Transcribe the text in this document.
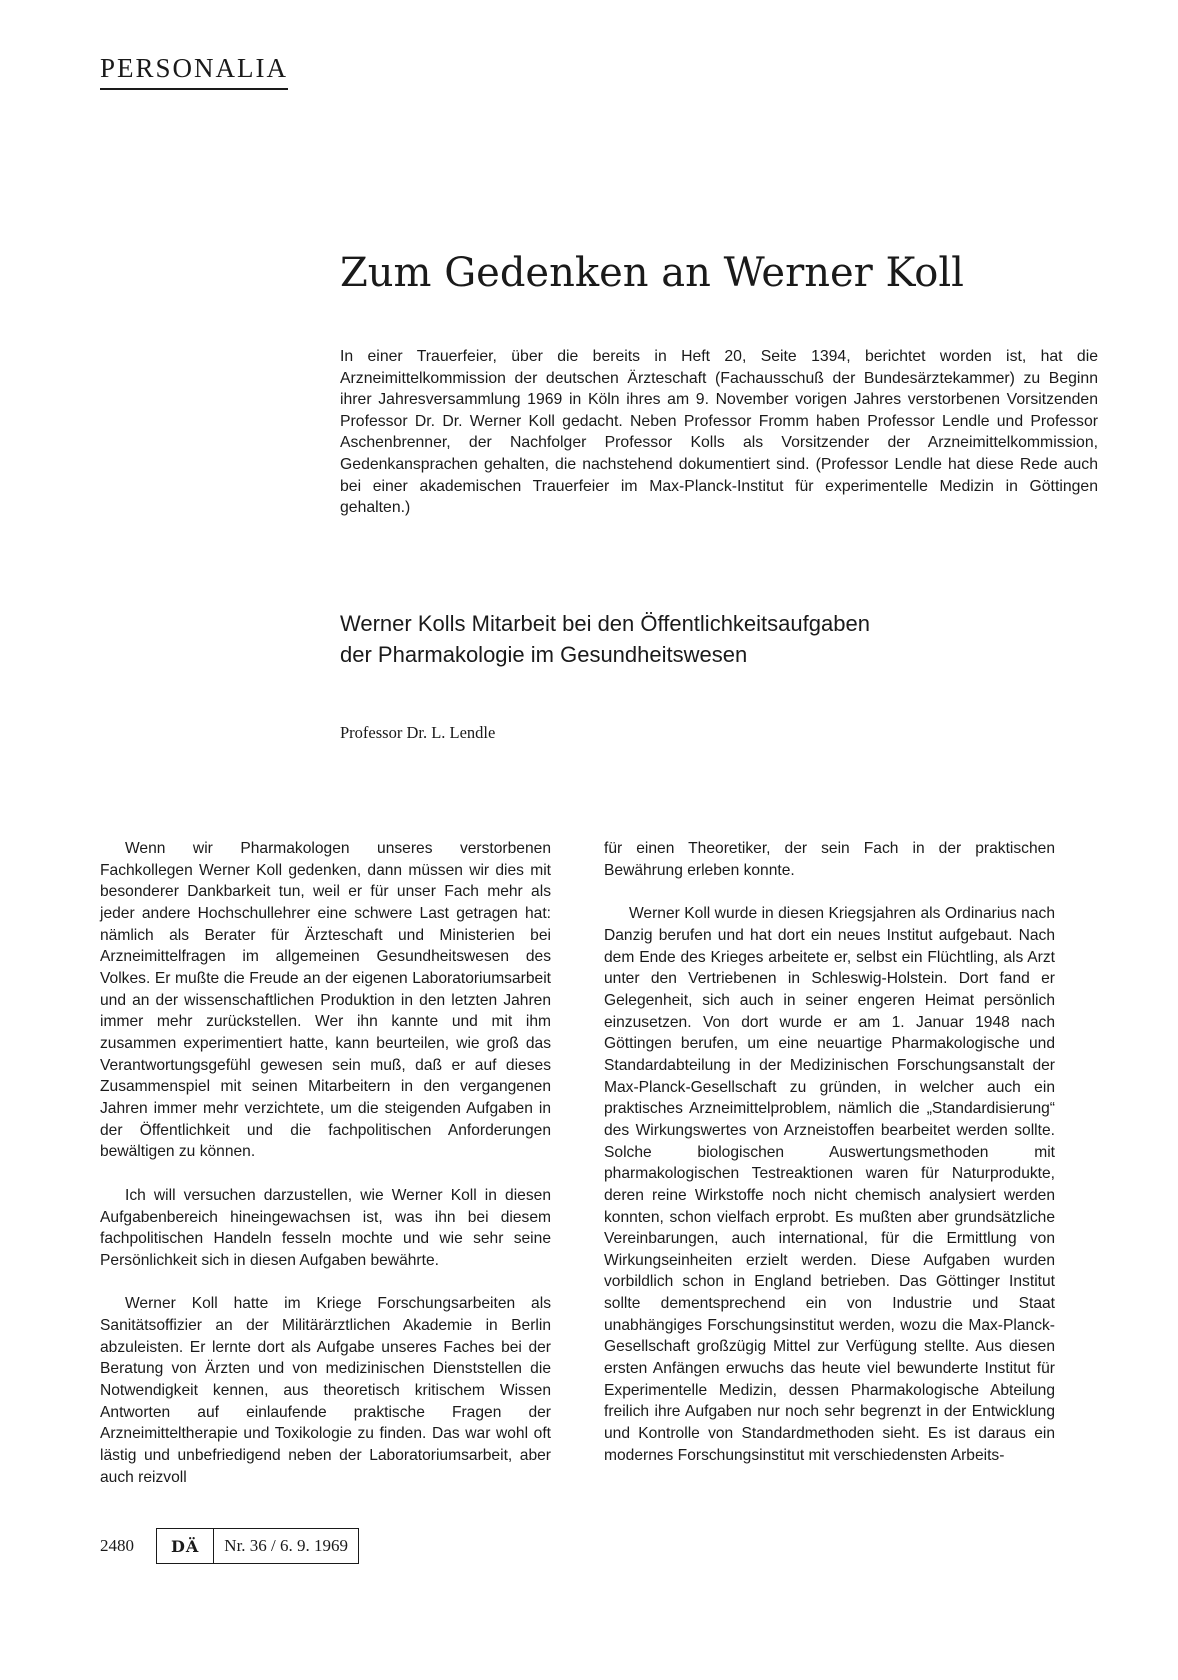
PERSONALIA
Zum Gedenken an Werner Koll

In einer Trauerfeier, über die bereits in Heft 20, Seite 1394, berichtet worden ist, hat die Arzneimittelkommission der deutschen Ärzteschaft (Fachausschuß der Bundesärztekammer) zu Beginn ihrer Jahresversammlung 1969 in Köln ihres am 9. November vorigen Jahres verstorbenen Vorsitzenden Professor Dr. Dr. Werner Koll gedacht. Neben Professor Fromm haben Professor Lendle und Professor Aschenbrenner, der Nachfolger Professor Kolls als Vorsitzender der Arzneimittelkommission, Gedenkansprachen gehalten, die nachstehend dokumentiert sind. (Professor Lendle hat diese Rede auch bei einer akademischen Trauerfeier im Max-Planck-Institut für experimentelle Medizin in Göttingen gehalten.)

Werner Kolls Mitarbeit bei den Öffentlichkeitsaufgaben
der Pharmakologie im Gesundheitswesen

Professor Dr. L. Lendle

Wenn wir Pharmakologen unseres verstorbenen Fachkollegen Werner Koll gedenken, dann müssen wir dies mit besonderer Dankbarkeit tun, weil er für unser Fach mehr als jeder andere Hochschullehrer eine schwere Last getragen hat: nämlich als Berater für Ärzteschaft und Ministerien bei Arzneimittelfragen im allgemeinen Gesundheitswesen des Volkes. Er mußte die Freude an der eigenen Laboratoriumsarbeit und an der wissenschaftlichen Produktion in den letzten Jahren immer mehr zurückstellen. Wer ihn kannte und mit ihm zusammen experimentiert hatte, kann beurteilen, wie groß das Verantwortungsgefühl gewesen sein muß, daß er auf dieses Zusammenspiel mit seinen Mitarbeitern in den vergangenen Jahren immer mehr verzichtete, um die steigenden Aufgaben in der Öffentlichkeit und die fachpolitischen Anforderungen bewältigen zu können.

Ich will versuchen darzustellen, wie Werner Koll in diesen Aufgabenbereich hineingewachsen ist, was ihn bei diesem fachpolitischen Handeln fesseln mochte und wie sehr seine Persönlichkeit sich in diesen Aufgaben bewährte.

Werner Koll hatte im Kriege Forschungsarbeiten als Sanitätsoffizier an der Militärärztlichen Akademie in Berlin abzuleisten. Er lernte dort als Aufgabe unseres Faches bei der Beratung von Ärzten und von medizinischen Dienststellen die Notwendigkeit kennen, aus theoretisch kritischem Wissen Antworten auf einlaufende praktische Fragen der Arzneimitteltherapie und Toxikologie zu finden. Das war wohl oft lästig und unbefriedigend neben der Laboratoriumsarbeit, aber auch reizvoll

für einen Theoretiker, der sein Fach in der praktischen Bewährung erleben konnte.

Werner Koll wurde in diesen Kriegsjahren als Ordinarius nach Danzig berufen und hat dort ein neues Institut aufgebaut. Nach dem Ende des Krieges arbeitete er, selbst ein Flüchtling, als Arzt unter den Vertriebenen in Schleswig-Holstein. Dort fand er Gelegenheit, sich auch in seiner engeren Heimat persönlich einzusetzen. Von dort wurde er am 1. Januar 1948 nach Göttingen berufen, um eine neuartige Pharmakologische und Standardabteilung in der Medizinischen Forschungsanstalt der Max-Planck-Gesellschaft zu gründen, in welcher auch ein praktisches Arzneimittelproblem, nämlich die „Standardisierung“ des Wirkungswertes von Arzneistoffen bearbeitet werden sollte. Solche biologischen Auswertungsmethoden mit pharmakologischen Testreaktionen waren für Naturprodukte, deren reine Wirkstoffe noch nicht chemisch analysiert werden konnten, schon vielfach erprobt. Es mußten aber grundsätzliche Vereinbarungen, auch international, für die Ermittlung von Wirkungseinheiten erzielt werden. Diese Aufgaben wurden vorbildlich schon in England betrieben. Das Göttinger Institut sollte dementsprechend ein von Industrie und Staat unabhängiges Forschungsinstitut werden, wozu die Max-Planck-Gesellschaft großzügig Mittel zur Verfügung stellte. Aus diesen ersten Anfängen erwuchs das heute viel bewunderte Institut für Experimentelle Medizin, dessen Pharmakologische Abteilung freilich ihre Aufgaben nur noch sehr begrenzt in der Entwicklung und Kontrolle von Standardmethoden sieht. Es ist daraus ein modernes Forschungsinstitut mit verschiedensten Arbeits-

2480	DÄ	Nr. 36 / 6. 9. 1969
